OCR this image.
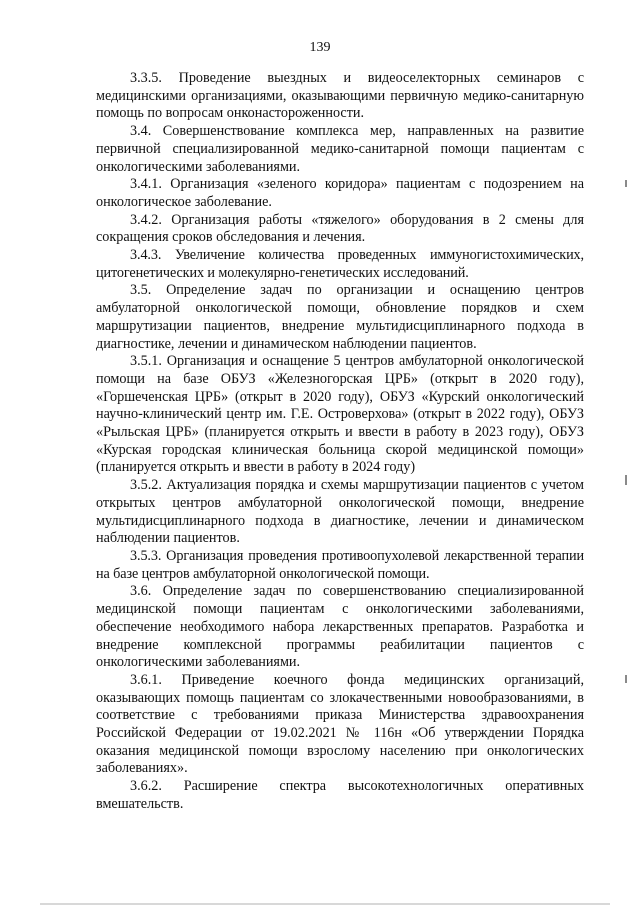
139

3.3.5. Проведение выездных и видеоселекторных семинаров с медицинскими организациями, оказывающими первичную медико-санитарную помощь по вопросам онконастороженности.

3.4. Совершенствование комплекса мер, направленных на развитие первичной специализированной медико-санитарной помощи пациентам с онкологическими заболеваниями.

3.4.1. Организация «зеленого коридора» пациентам с подозрением на онкологическое заболевание.

3.4.2. Организация работы «тяжелого» оборудования в 2 смены для сокращения сроков обследования и лечения.

3.4.3. Увеличение количества проведенных иммуногистохимических, цитогенетических и молекулярно-генетических исследований.

3.5. Определение задач по организации и оснащению центров амбулаторной онкологической помощи, обновление порядков и схем маршрутизации пациентов, внедрение мультидисциплинарного подхода в диагностике, лечении и динамическом наблюдении пациентов.

3.5.1. Организация и оснащение 5 центров амбулаторной онкологической помощи на базе ОБУЗ «Железногорская ЦРБ» (открыт в 2020 году), «Горшеченская ЦРБ» (открыт в 2020 году), ОБУЗ «Курский онкологический научно-клинический центр им. Г.Е. Островерхова» (открыт в 2022 году), ОБУЗ «Рыльская ЦРБ» (планируется открыть и ввести в работу в 2023 году), ОБУЗ «Курская городская клиническая больница скорой медицинской помощи» (планируется открыть и ввести в работу в 2024 году)

3.5.2. Актуализация порядка и схемы маршрутизации пациентов с учетом открытых центров амбулаторной онкологической помощи, внедрение мультидисциплинарного подхода в диагностике, лечении и динамическом наблюдении пациентов.

3.5.3. Организация проведения противоопухолевой лекарственной терапии на базе центров амбулаторной онкологической помощи.

3.6. Определение задач по совершенствованию специализированной медицинской помощи пациентам с онкологическими заболеваниями, обеспечение необходимого набора лекарственных препаратов. Разработка и внедрение комплексной программы реабилитации пациентов с онкологическими заболеваниями.

3.6.1. Приведение коечного фонда медицинских организаций, оказывающих помощь пациентам со злокачественными новообразованиями, в соответствие с требованиями приказа Министерства здравоохранения Российской Федерации от 19.02.2021 № 116н «Об утверждении Порядка оказания медицинской помощи взрослому населению при онкологических заболеваниях».

3.6.2. Расширение спектра высокотехнологичных оперативных вмешательств.
